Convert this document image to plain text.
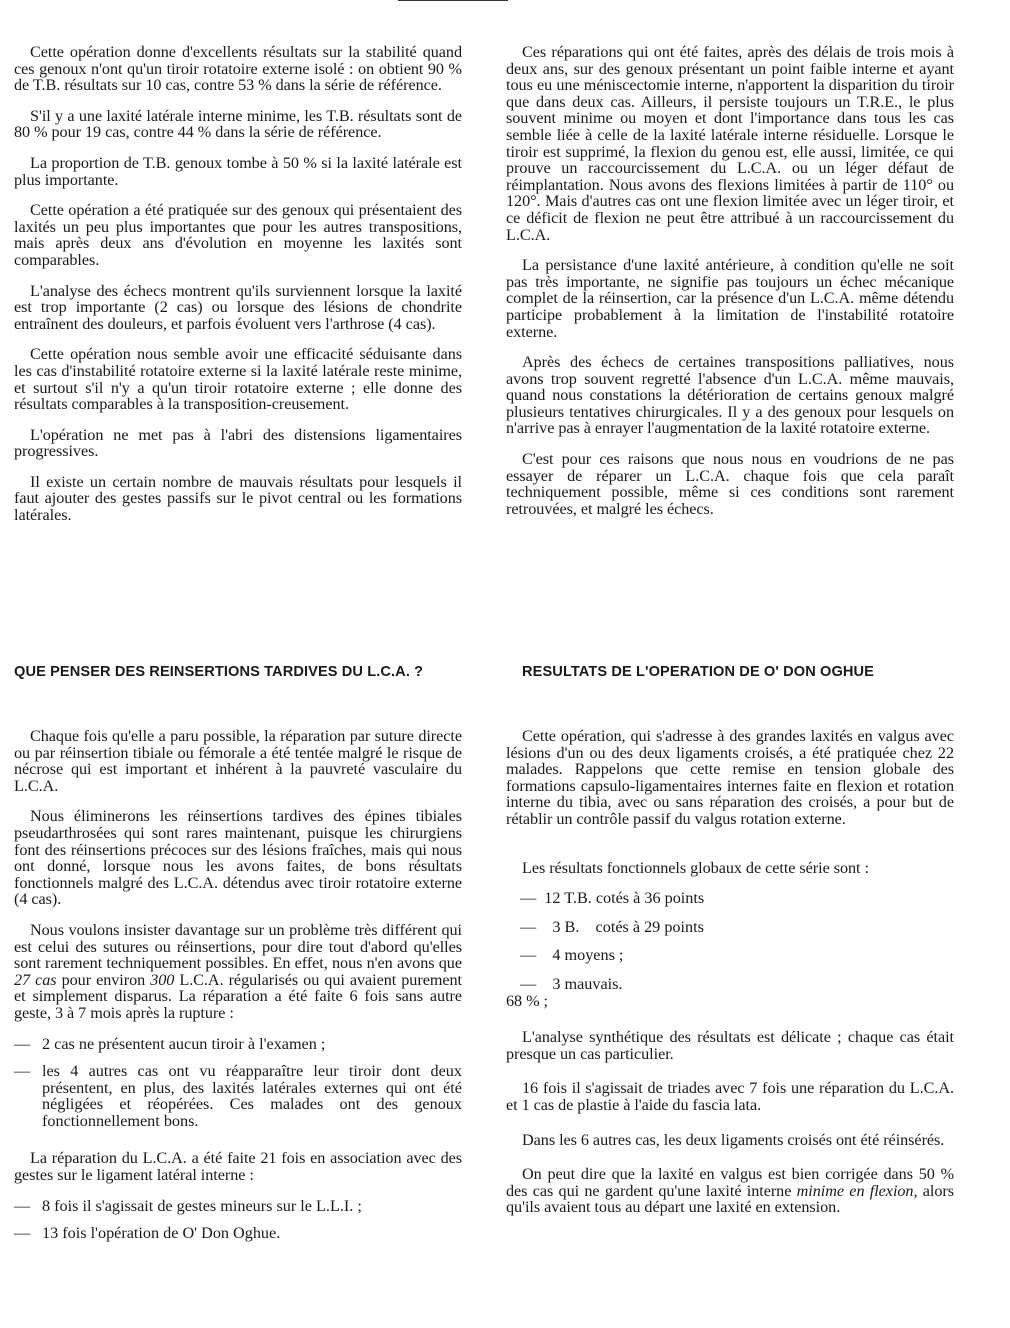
Cette opération donne d'excellents résultats sur la stabilité quand ces genoux n'ont qu'un tiroir rotatoire externe isolé : on obtient 90 % de T.B. résultats sur 10 cas, contre 53 % dans la série de référence.

S'il y a une laxité latérale interne minime, les T.B. résultats sont de 80 % pour 19 cas, contre 44 % dans la série de référence.

La proportion de T.B. genoux tombe à 50 % si la laxité latérale est plus importante.

Cette opération a été pratiquée sur des genoux qui présentaient des laxités un peu plus importantes que pour les autres transpositions, mais après deux ans d'évolution en moyenne les laxités sont comparables.

L'analyse des échecs montrent qu'ils surviennent lorsque la laxité est trop importante (2 cas) ou lorsque des lésions de chondrite entraînent des douleurs, et parfois évoluent vers l'arthrose (4 cas).

Cette opération nous semble avoir une efficacité séduisante dans les cas d'instabilité rotatoire externe si la laxité latérale reste minime, et surtout s'il n'y a qu'un tiroir rotatoire externe ; elle donne des résultats comparables à la transposition-creusement.

L'opération ne met pas à l'abri des distensions ligamentaires progressives.

Il existe un certain nombre de mauvais résultats pour lesquels il faut ajouter des gestes passifs sur le pivot central ou les formations latérales.

Ces réparations qui ont été faites, après des délais de trois mois à deux ans, sur des genoux présentant un point faible interne et ayant tous eu une méniscectomie interne, n'apportent la disparition du tiroir que dans deux cas. Ailleurs, il persiste toujours un T.R.E., le plus souvent minime ou moyen et dont l'importance dans tous les cas semble liée à celle de la laxité latérale interne résiduelle. Lorsque le tiroir est supprimé, la flexion du genou est, elle aussi, limitée, ce qui prouve un raccourcissement du L.C.A. ou un léger défaut de réimplantation. Nous avons des flexions limitées à partir de 110° ou 120°. Mais d'autres cas ont une flexion limitée avec un léger tiroir, et ce déficit de flexion ne peut être attribué à un raccourcissement du L.C.A.

La persistance d'une laxité antérieure, à condition qu'elle ne soit pas très importante, ne signifie pas toujours un échec mécanique complet de la réinsertion, car la présence d'un L.C.A. même détendu participe probablement à la limitation de l'instabilité rotatoire externe.

Après des échecs de certaines transpositions palliatives, nous avons trop souvent regretté l'absence d'un L.C.A. même mauvais, quand nous constations la détérioration de certains genoux malgré plusieurs tentatives chirurgicales. Il y a des genoux pour lesquels on n'arrive pas à enrayer l'augmentation de la laxité rotatoire externe.

C'est pour ces raisons que nous nous en voudrions de ne pas essayer de réparer un L.C.A. chaque fois que cela paraît techniquement possible, même si ces conditions sont rarement retrouvées, et malgré les échecs.

QUE PENSER DES REINSERTIONS TARDIVES DU L.C.A. ?	RESULTATS DE L'OPERATION DE O' DON OGHUE

Chaque fois qu'elle a paru possible, la réparation par suture directe ou par réinsertion tibiale ou fémorale a été tentée malgré le risque de nécrose qui est important et inhérent à la pauvreté vasculaire du L.C.A.

Nous éliminerons les réinsertions tardives des épines tibiales pseudarthrosées qui sont rares maintenant, puisque les chirurgiens font des réinsertions précoces sur des lésions fraîches, mais qui nous ont donné, lorsque nous les avons faites, de bons résultats fonctionnels malgré des L.C.A. détendus avec tiroir rotatoire externe (4 cas).

Nous voulons insister davantage sur un problème très différent qui est celui des sutures ou réinsertions, pour dire tout d'abord qu'elles sont rarement techniquement possibles. En effet, nous n'en avons que 27 cas pour environ 300 L.C.A. régularisés ou qui avaient purement et simplement disparus. La réparation a été faite 6 fois sans autre geste, 3 à 7 mois après la rupture :

— 2 cas ne présentent aucun tiroir à l'examen ;
— les 4 autres cas ont vu réapparaître leur tiroir dont deux présentent, en plus, des laxités latérales externes qui ont été négligées et réopérées. Ces malades ont des genoux fonctionnellement bons.

La réparation du L.C.A. a été faite 21 fois en association avec des gestes sur le ligament latéral interne :

— 8 fois il s'agissait de gestes mineurs sur le L.L.I. ;
— 13 fois l'opération de O' Don Oghue.

Cette opération, qui s'adresse à des grandes laxités en valgus avec lésions d'un ou des deux ligaments croisés, a été pratiquée chez 22 malades. Rappelons que cette remise en tension globale des formations capsulo-ligamentaires internes faite en flexion et rotation interne du tibia, avec ou sans réparation des croisés, a pour but de rétablir un contrôle passif du valgus rotation externe.

Les résultats fonctionnels globaux de cette série sont :

—  12 T.B. cotés à 36 points
—    3 B.    cotés à 29 points
—    4 moyens ;
—    3 mauvais.
68 % ;

L'analyse synthétique des résultats est délicate ; chaque cas était presque un cas particulier.

16 fois il s'agissait de triades avec 7 fois une réparation du L.C.A. et 1 cas de plastie à l'aide du fascia lata.

Dans les 6 autres cas, les deux ligaments croisés ont été réinsérés.

On peut dire que la laxité en valgus est bien corrigée dans 50 % des cas qui ne gardent qu'une laxité interne minime en flexion, alors qu'ils avaient tous au départ une laxité en extension.
